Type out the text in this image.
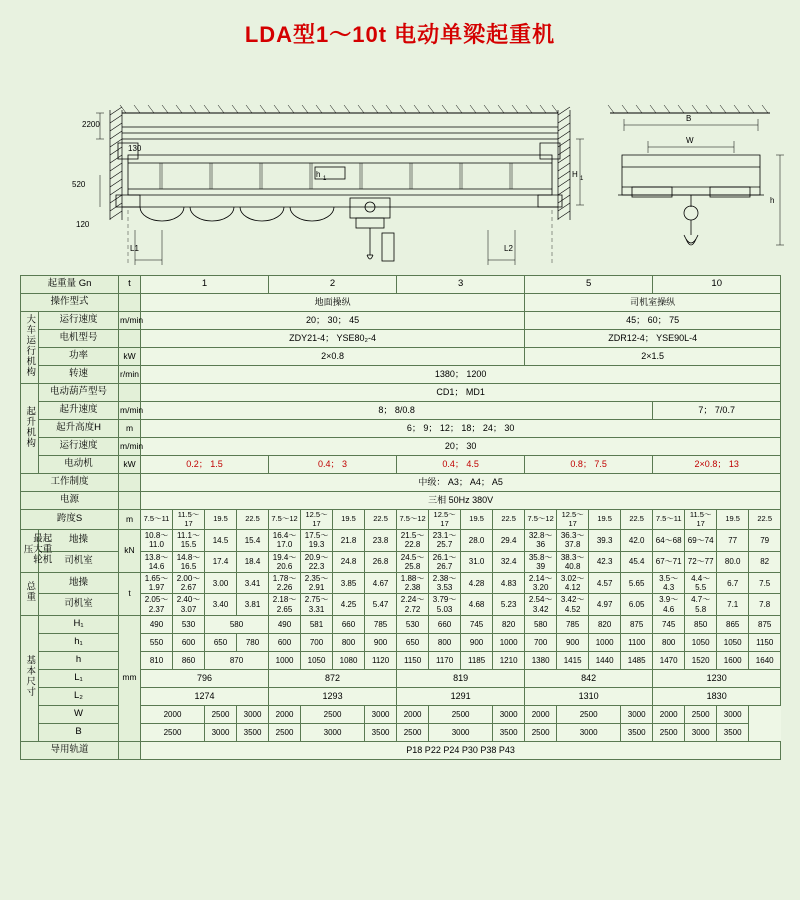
LDA型1～10t 电动单梁起重机
2200
130
520
120
L1	L2
h 1	H 1
B
W
h
起重量 Gn		t	1				2				3				5				10			
操作型式			地面操纵												司机室操纵							
大车运行机构	运行速度	m/min	20； 30； 45												45； 60； 75							
	电机型号		ZDY21-4； YSE80₂-4												ZDR12-4； YSE90L-4							
	功率	kW	2×0.8												2×1.5							
	转速	r/min	1380； 1200																			
起升机构	电动葫芦型号		CD1； MD1																			
	起升速度	m/min	8； 8/0.8																7； 7/0.7			
	起升高度H	m	6； 9； 12； 18； 24； 30																			
	运行速度	m/min	20； 30																			
	电动机	kW	0.2； 1.5				0.4； 3				0.4； 4.5				0.8； 7.5				2×0.8； 13			
工作制度			中级： A3； A4； A5																			
电源			三相 50Hz 380V																			
跨度S		m	7.5～11	11.5～17	19.5	22.5	7.5～12	12.5～17	19.5	22.5	7.5～12	12.5～17	19.5	22.5	7.5～12	12.5～17	19.5	22.5	7.5～11	11.5～17	19.5	22.5
起重机最大轮压	地操	kN	10.8～11.0	11.1～15.5	14.5	15.4	16.4～17.0	17.5～19.3	21.8	23.8	21.5～22.8	23.1～25.7	28.0	29.4	32.8～36	36.3～37.8	39.3	42.0	64～68	69～74	77	79
	司机室		13.8～14.6	14.8～16.5	17.4	18.4	19.4～20.6	20.9～22.3	24.8	26.8	24.5～25.8	26.1～26.7	31.0	32.4	35.8～39	38.3～40.8	42.3	45.4	67～71	72～77	80.0	82
总重	地操	t	1.65～1.97	2.00～2.67	3.00	3.41	1.78～2.26	2.35～2.91	3.85	4.67	1.88～2.38	2.38～3.53	4.28	4.83	2.14～3.20	3.02～4.12	4.57	5.65	3.5～4.3	4.4～5.5	6.7	7.5
	司机室		2.05～2.37	2.40～3.07	3.40	3.81	2.18～2.65	2.75～3.31	4.25	5.47	2.24～2.72	3.79～5.03	4.68	5.23	2.54～3.42	3.42～4.52	4.97	6.05	3.9～4.6	4.7～5.8	7.1	7.8
基本尺寸	H₁	mm	490	530	580		490	581	660	785	530	660	745	820	580	785	820	875	745	850	865	875
	h₁		550	600	650	780	600	700	800	900	650	800	900	1000	700	900	1000	1100	800	1050	1050	1150
	h		810	860	870		1000	1050	1080	1120	1150	1170	1185	1210	1380	1415	1440	1485	1470	1520	1600	1640
	L₁		796				872				819				842				1230			
	L₂		1274				1293				1291				1310				1830			
	W		2000		2500	3000	2000	2500		3000	2000	2500		3000	2000	2500		3000	2000	2500	3000	
	B		2500		3000	3500	2500	3000		3500	2500	3000		3500	2500	3000		3500	2500	3000	3500	
导用轨道			P18 P22 P24 P30 P38 P43																			
